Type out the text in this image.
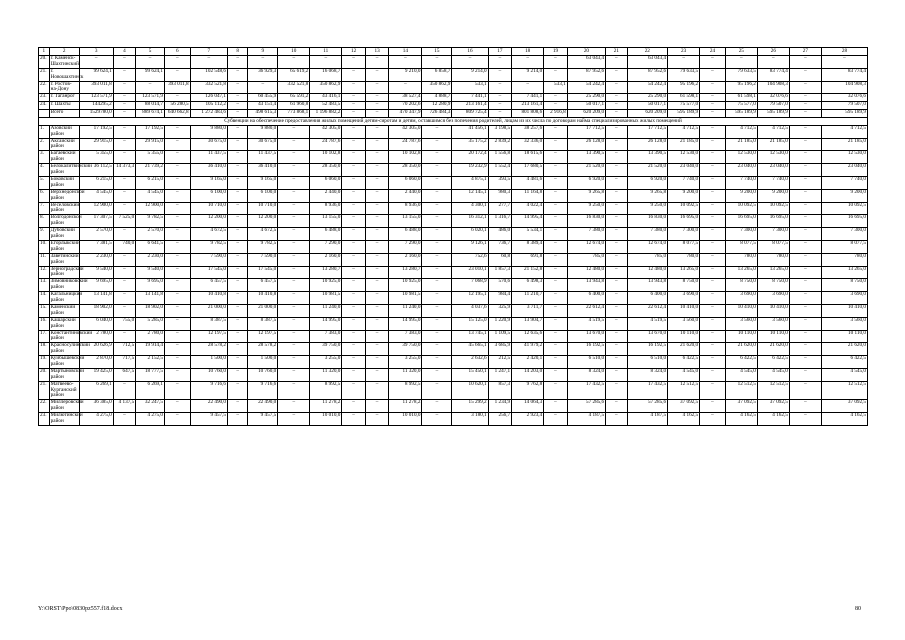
1	2	3	4	5	6	7	8	9	10	11	12	13	14	15	16	17	18	19	20	21	22	23	24	25	26	27	28
20.	г. Каменск-Шахтинский	–	–	–	–	–	–	–	–	–	–	–	–	–	–	–	–	–	63 043,4	–	63 043,4	–	–	–	–	–	–
21.	г. Новошахтинск	99 624,1	–	99 624,1	–	102 548,6	–	36 929,3	65 619,2	16 068,7	–	–	9 210,0	6 858,7	9 214,0	–	9 214,0	–	87 952,6	–	87 952,6	79 633,5	–	79 633,5	83 774,4	–	83 774,4
22.	г. Ростов-на-Дону	393 011,8	–	–	393 011,8	332 521,8	–	–	332 521,8	350 862,9	–	–	–	350 862,9	533,1	–	–	533,1	54 242,4	–	54 242,4	95 196,2	–	95 196,2	104 908,3	–	104 908,3
23.	г. Таганрог	123 571,9	–	123 571,9	–	126 047,1	–	60 455,9	65 591,2	43 416,1	–	–	38 527,4	4 888,7	7 441,1	–	7 441,1	–	25 290,0	–	25 290,0	61 598,1	–	61 598,1	32 076,6	–	32 076,6
24.	г. Шахты	144295,2	–	88 014,7	56 280,5	105 112,2	–	43 151,4	61 960,8	52 483,5	–	–	70 202,6	12 280,9	213 161,4	–	213 161,4	–	50 017,1	–	50 017,1	75 577,0	–	75 577,0	79 507,0	–	79 507,0
	Всего	1529780,0	–	889 674,1	640 662,8	1 272 483,6	–	498 615,3	773 868,1	1 196 882,2	–	–	470 347,9	726 484,3	809 725,4	–	801 808,6	2 916,8	620 209,0	–	620 209,0	595 189,9	–	595 189,9	595 189,9	–	595 189,9
Субвенции на обеспечение предоставления жилых помещений детям-сиротам и детям, оставшимся без попечения родителей, лицам из их числа по договорам найма специализированных жилых помещений																											
1.	Азовский район	17 192,5	–	17 192,5	–	9 880,0	–	9 880,0	–	42 305,0	–	–	42 305,0	–	41 456,1	3 198,5	38 257,6	–	17 712,5	–	17 712,5	4 712,5	–	4 712,5	4 712,5	–	4 712,5
2.	Аксайский район	29 915,0	–	29 915,0	–	30 675,0	–	30 675,0	–	24 787,6	–	–	24 787,6	–	35 175,2	2 839,2	32 336,0	–	26 128,0	–	26 128,0	21 185,0	–	21 185,0	21 185,0	–	21 185,0
3.	Багаевский район	5 355,0	–	5 355,0	–	11 437,5	–	11 437,5	–	10 102,8	–	–	10 102,8	–	20 172,4	1 556,8	18 615,6	–	13 390,5	–	13 390,5	12 530,0	–	12 530,0	12 530,0	–	12 530,0
4.	Белокалитвинский район	36 112,5	14 373,3	21 739,2	–	36 410,0	–	36 410,0	–	28 350,0	–	–	28 350,0	–	19 232,9	1 552,4	17 680,5	–	21 520,0	–	21 520,0	23 040,0	–	23 040,0	23 040,0	–	23 040,0
5.	Боковский район	6 215,0	–	6 215,0	–	9 165,0	–	9 165,0	–	6 060,0	–	–	6 060,0	–	4 875,1	393,5	4 481,6	–	6 920,0	–	6 920,0	7 740,0	–	7 740,0	7 740,0	–	7 740,0
6.	Верхнедонской район	4 545,0	–	4 545,0	–	6 100,0	–	6 100,0	–	2 440,0	–	–	2 440,0	–	12 145,1	980,3	11 164,8	–	9 265,8	–	9 265,8	9 200,0	–	9 200,0	9 200,0	–	9 200,0
7.	Веселовский район	12 900,0	–	12 900,0	–	10 710,0	–	10 710,0	–	8 936,0	–	–	8 936,0	–	4 300,1	277,7	4 022,4	–	9 250,0	–	9 250,0	10 092,5	–	10 092,5	10 092,5	–	10 092,5
8.	Волгодонской район	17 307,5	7 525,0	9 782,5	–	12 200,0	–	12 200,0	–	13 155,0	–	–	13 155,0	–	16 312,1	1 316,7	14 995,4	–	16 830,0	–	16 830,0	16 695,0	–	16 695,0	16 695,0	–	16 695,0
9.	Дубовский район	2 570,0	–	2 570,0	–	4 672,5	–	4 672,5	–	6 488,0	–	–	6 488,0	–	6 020,1	486,0	5 534,1	–	7 380,0	–	7 380,0	7 300,0	–	7 300,0	7 300,0	–	7 300,0
10.	Егорлыкский район	7 381,5	740,0	6 641,5	–	9 782,5	–	9 782,5	–	7 290,0	–	–	7 290,0	–	9 126,1	736,7	8 389,4	–	12 674,0	–	12 674,0	8 077,5	–	8 077,5	8 077,5	–	8 077,5
11.	Заветинский район	2 230,0	–	2 230,0	–	7 590,0	–	7 590,0	–	2 160,0	–	–	2 160,0	–	752,6	60,8	691,8	–	785,0	–	785,0	780,0	–	780,0	780,0	–	780,0
12.	Зерноградский район	9 540,0	–	9 540,0	–	17 545,0	–	17 545,0	–	13 280,7	–	–	13 280,7	–	23 010,1	1 857,3	21 152,8	–	12 480,0	–	12 480,0	13 265,0	–	13 265,0	13 265,0	–	13 265,0
13.	Зимовниковский район	9 695,0	–	9 695,0	–	6 457,5	–	6 457,5	–	10 925,0	–	–	10 925,0	–	7 068,9	570,6	6 498,3	–	13 943,8	–	13 943,8	8 750,0	–	8 750,0	8 750,0	–	8 750,0
14.	Кагальницкий район	13 141,8	–	13 141,8	–	10 410,8	–	10 410,8	–	10 981,5	–	–	10 981,5	–	12 195,1	984,4	11 210,7	–	6 400,0	–	6 400,0	3 690,0	–	3 690,0	3 690,0	–	3 690,0
15.	Каменский район	18 902,0	–	18 902,0	–	21 000,0	–	21 000,0	–	11 240,0	–	–	11 240,0	–	4 037,6	325,9	3 711,7	–	22 612,4	–	22 612,4	10 410,0	–	10 410,0	10 410,0	–	10 410,0
16.	Кашарский район	6 040,0	755,0	5 285,0	–	8 387,5	–	8 387,5	–	14 995,0	–	–	14 995,0	–	15 125,0	1 220,9	13 904,7	–	4 519,5	–	4 519,5	3 560,0	–	3 560,0	3 560,0	–	3 560,0
17.	Константиновский район	2 780,0	–	2 780,0	–	12 197,5	–	12 197,5	–	7 383,0	–	–	7 383,0	–	13 745,1	1 109,5	12 635,6	–	13 670,0	–	13 670,0	10 110,0	–	10 110,0	10 110,0	–	10 110,0
18.	Красносулинский район	20 626,9	712,5	19 914,4	–	28 578,2	–	28 578,2	–	39 750,0	–	–	39 750,0	–	45 665,1	3 685,9	41 979,2	–	16 192,5	–	16 192,5	21 620,0	–	21 620,0	21 620,0	–	21 620,0
19.	Куйбышевский район	2 870,0	717,5	2 152,5	–	1 500,0	–	1 500,0	–	3 255,0	–	–	3 255,0	–	2 632,6	212,5	2 420,1	–	6 510,0	–	6 510,0	6 422,5	–	6 422,5	6 422,5	–	6 422,5
20.	Мартыновский район	19 425,0	647,5	18 777,5	–	10 760,0	–	10 760,0	–	11 320,0	–	–	11 320,0	–	15 450,1	1 247,1	14 203,0	–	8 324,0	–	8 324,0	4 545,0	–	4 545,0	4 545,0	–	4 545,0
21.	Матвеево-Курганский район	6 269,1	–	6 269,1	–	9 716,6	–	9 716,6	–	8 992,5	–	–	8 992,5	–	10 620,1	857,3	9 762,8	–	17 432,5	–	17 432,5	12 512,5	–	12 512,5	12 512,5	–	12 512,5
22.	Миллеровский район	36 385,0	4 137,5	32 247,5	–	22 490,0	–	22 490,0	–	11 278,2	–	–	11 278,2	–	15 299,2	1 234,9	14 064,3	–	57 285,6	–	57 285,6	37 092,5	–	37 092,5	37 092,5	–	37 092,5
23.	Милютинский район	4 275,0	–	4 275,0	–	9 457,5	–	9 457,5	–	10 010,0	–	–	10 010,0	–	3 180,1	256,7	2 923,4	–	4 187,5	–	4 187,5	4 162,5	–	4 162,5	4 162,5	–	4 162,5
Y:\ORST\Ppo\0830pz557.f18.docx	80
